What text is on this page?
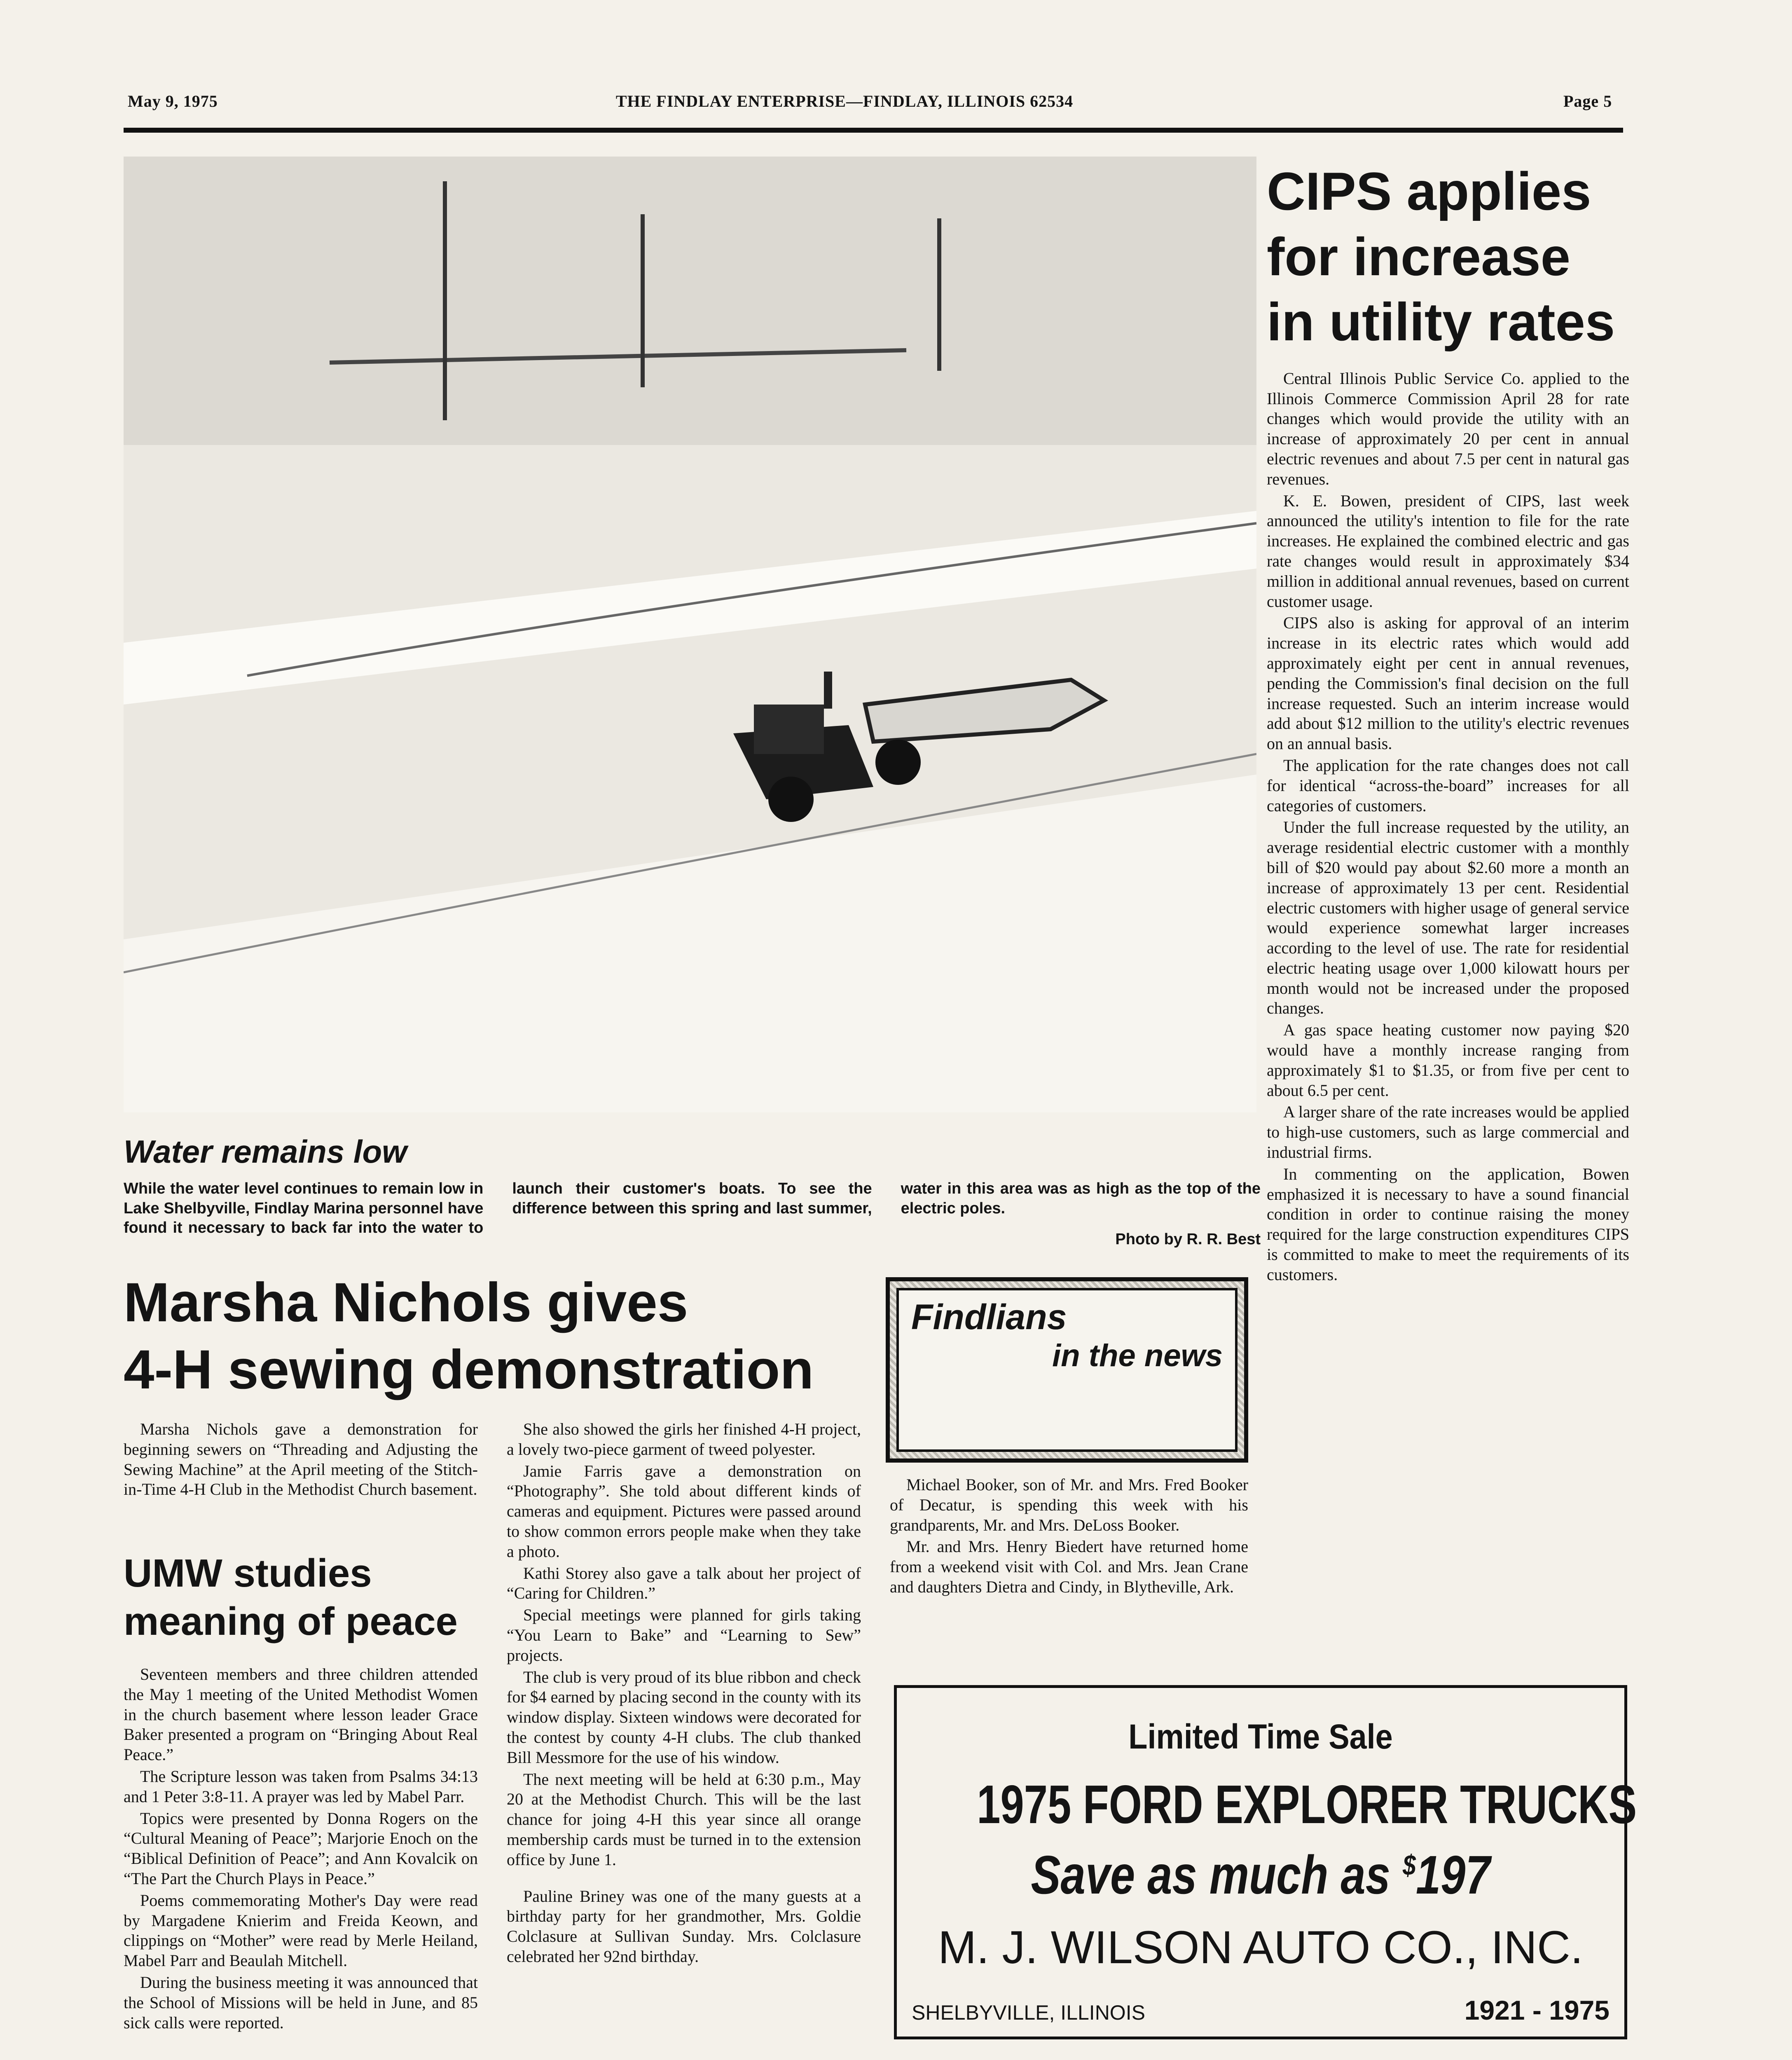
May 9, 1975	THE FINDLAY ENTERPRISE—FINDLAY, ILLINOIS 62534	Page 5
Water remains low
While the water level continues to remain low in Lake Shelbyville, Findlay Marina personnel have found it necessary to back far into the water to launch their customer's boats. To see the difference between this spring and last summer, water in this area was as high as the top of the electric poles.
Photo by R. R. Best
CIPS applies
for increase
in utility rates

Central Illinois Public Service Co. applied to the Illinois Commerce Commission April 28 for rate changes which would provide the utility with an increase of approximately 20 per cent in annual electric revenues and about 7.5 per cent in natural gas revenues.

K. E. Bowen, president of CIPS, last week announced the utility's intention to file for the rate increases. He explained the combined electric and gas rate changes would result in approximately $34 million in additional annual revenues, based on current customer usage.

CIPS also is asking for approval of an interim increase in its electric rates which would add approximately eight per cent in annual revenues, pending the Commission's final decision on the full increase requested. Such an interim increase would add about $12 million to the utility's electric revenues on an annual basis.

The application for the rate changes does not call for identical “across-the-board” increases for all categories of customers.

Under the full increase requested by the utility, an average residential electric customer with a monthly bill of $20 would pay about $2.60 more a month an increase of approximately 13 per cent. Residential electric customers with higher usage of general service would experience somewhat larger increases according to the level of use. The rate for residential electric heating usage over 1,000 kilowatt hours per month would not be increased under the proposed changes.

A gas space heating customer now paying $20 would have a monthly increase ranging from approximately $1 to $1.35, or from five per cent to about 6.5 per cent.

A larger share of the rate increases would be applied to high-use customers, such as large commercial and industrial firms.

In commenting on the application, Bowen emphasized it is necessary to have a sound financial condition in order to continue raising the money required for the large construction expenditures CIPS is committed to make to meet the requirements of its customers.

Marsha Nichols gives
4-H sewing demonstration

Marsha Nichols gave a demonstration for beginning sewers on “Threading and Adjusting the Sewing Machine” at the April meeting of the Stitch-in-Time 4-H Club in the Methodist Church basement.

She also showed the girls her finished 4-H project, a lovely two-piece garment of tweed polyester.

Jamie Farris gave a demonstration on “Photography”. She told about different kinds of cameras and equipment. Pictures were passed around to show common errors people make when they take a photo.

Kathi Storey also gave a talk about her project of “Caring for Children.”

Special meetings were planned for girls taking “You Learn to Bake” and “Learning to Sew” projects.

The club is very proud of its blue ribbon and check for $4 earned by placing second in the county with its window display. Sixteen windows were decorated for the contest by county 4-H clubs. The club thanked Bill Messmore for the use of his window.

The next meeting will be held at 6:30 p.m., May 20 at the Methodist Church. This will be the last chance for joing 4-H this year since all orange membership cards must be turned in to the extension office by June 1.

Pauline Briney was one of the many guests at a birthday party for her grandmother, Mrs. Goldie Colclasure at Sullivan Sunday. Mrs. Colclasure celebrated her 92nd birthday.

UMW studies
meaning of peace

Seventeen members and three children attended the May 1 meeting of the United Methodist Women in the church basement where lesson leader Grace Baker presented a program on “Bringing About Real Peace.”

The Scripture lesson was taken from Psalms 34:13 and 1 Peter 3:8-11. A prayer was led by Mabel Parr.

Topics were presented by Donna Rogers on the “Cultural Meaning of Peace”; Marjorie Enoch on the “Biblical Definition of Peace”; and Ann Kovalcik on “The Part the Church Plays in Peace.”

Poems commemorating Mother's Day were read by Margadene Knierim and Freida Keown, and clippings on “Mother” were read by Merle Heiland, Mabel Parr and Beaulah Mitchell.

During the business meeting it was announced that the School of Missions will be held in June, and 85 sick calls were reported.

Findlians
in the news

Michael Booker, son of Mr. and Mrs. Fred Booker of Decatur, is spending this week with his grandparents, Mr. and Mrs. DeLoss Booker.

Mr. and Mrs. Henry Biedert have returned home from a weekend visit with Col. and Mrs. Jean Crane and daughters Dietra and Cindy, in Blytheville, Ark.

Limited Time Sale
1975 FORD EXPLORER TRUCKS
Save as much as $197
M. J. WILSON AUTO CO., INC.
SHELBYVILLE, ILLINOIS	1921 - 1975
